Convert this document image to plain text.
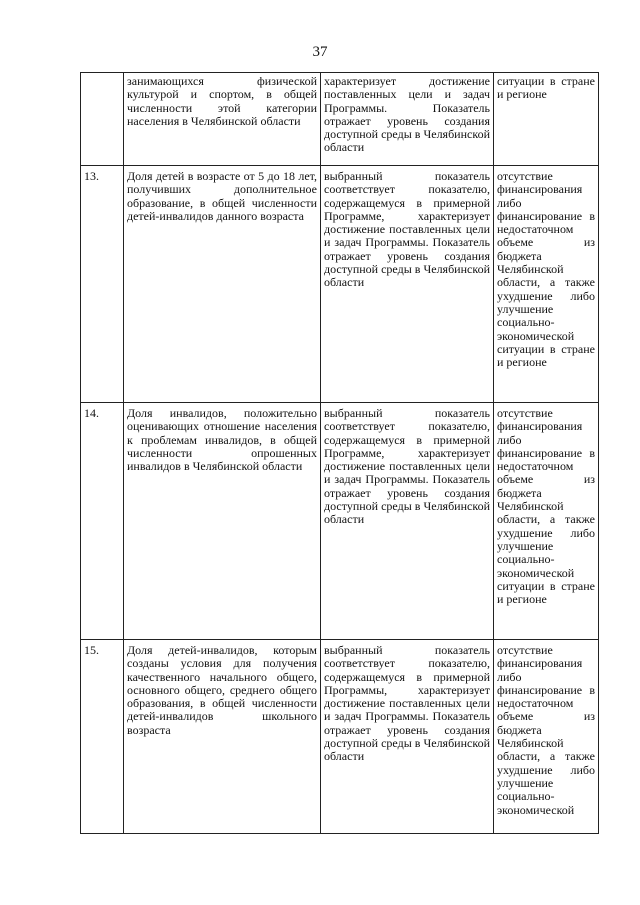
37

	занимающихся физической культурой и спортом, в общей численности этой категории населения в Челябинской области	характеризует достижение поставленных цели и задач Программы. Показатель отражает уровень создания доступной среды в Челябинской области	ситуации в стране и регионе

13.	Доля детей в возрасте от 5 до 18 лет, получивших дополнительное образование, в общей численности детей-инвалидов данного возраста	выбранный показатель соответствует показателю, содержащемуся в примерной Программе, характеризует достижение поставленных цели и задач Программы. Показатель отражает уровень создания доступной среды в Челябинской области	отсутствие финансирования либо финансирование в недостаточном объеме из бюджета Челябинской области, а также ухудшение либо улучшение социально-экономической ситуации в стране и регионе

14.	Доля инвалидов, положительно оценивающих отношение населения к проблемам инвалидов, в общей численности опрошенных инвалидов в Челябинской области	выбранный показатель соответствует показателю, содержащемуся в примерной Программе, характеризует достижение поставленных цели и задач Программы. Показатель отражает уровень создания доступной среды в Челябинской области	отсутствие финансирования либо финансирование в недостаточном объеме из бюджета Челябинской области, а также ухудшение либо улучшение социально-экономической ситуации в стране и регионе

15.	Доля детей-инвалидов, которым созданы условия для получения качественного начального общего, основного общего, среднего общего образования, в общей численности детей-инвалидов школьного возраста	выбранный показатель соответствует показателю, содержащемуся в примерной Программы, характеризует достижение поставленных цели и задач Программы. Показатель отражает уровень создания доступной среды в Челябинской области	отсутствие финансирования либо финансирование в недостаточном объеме из бюджета Челябинской области, а также ухудшение либо улучшение социально-экономической
